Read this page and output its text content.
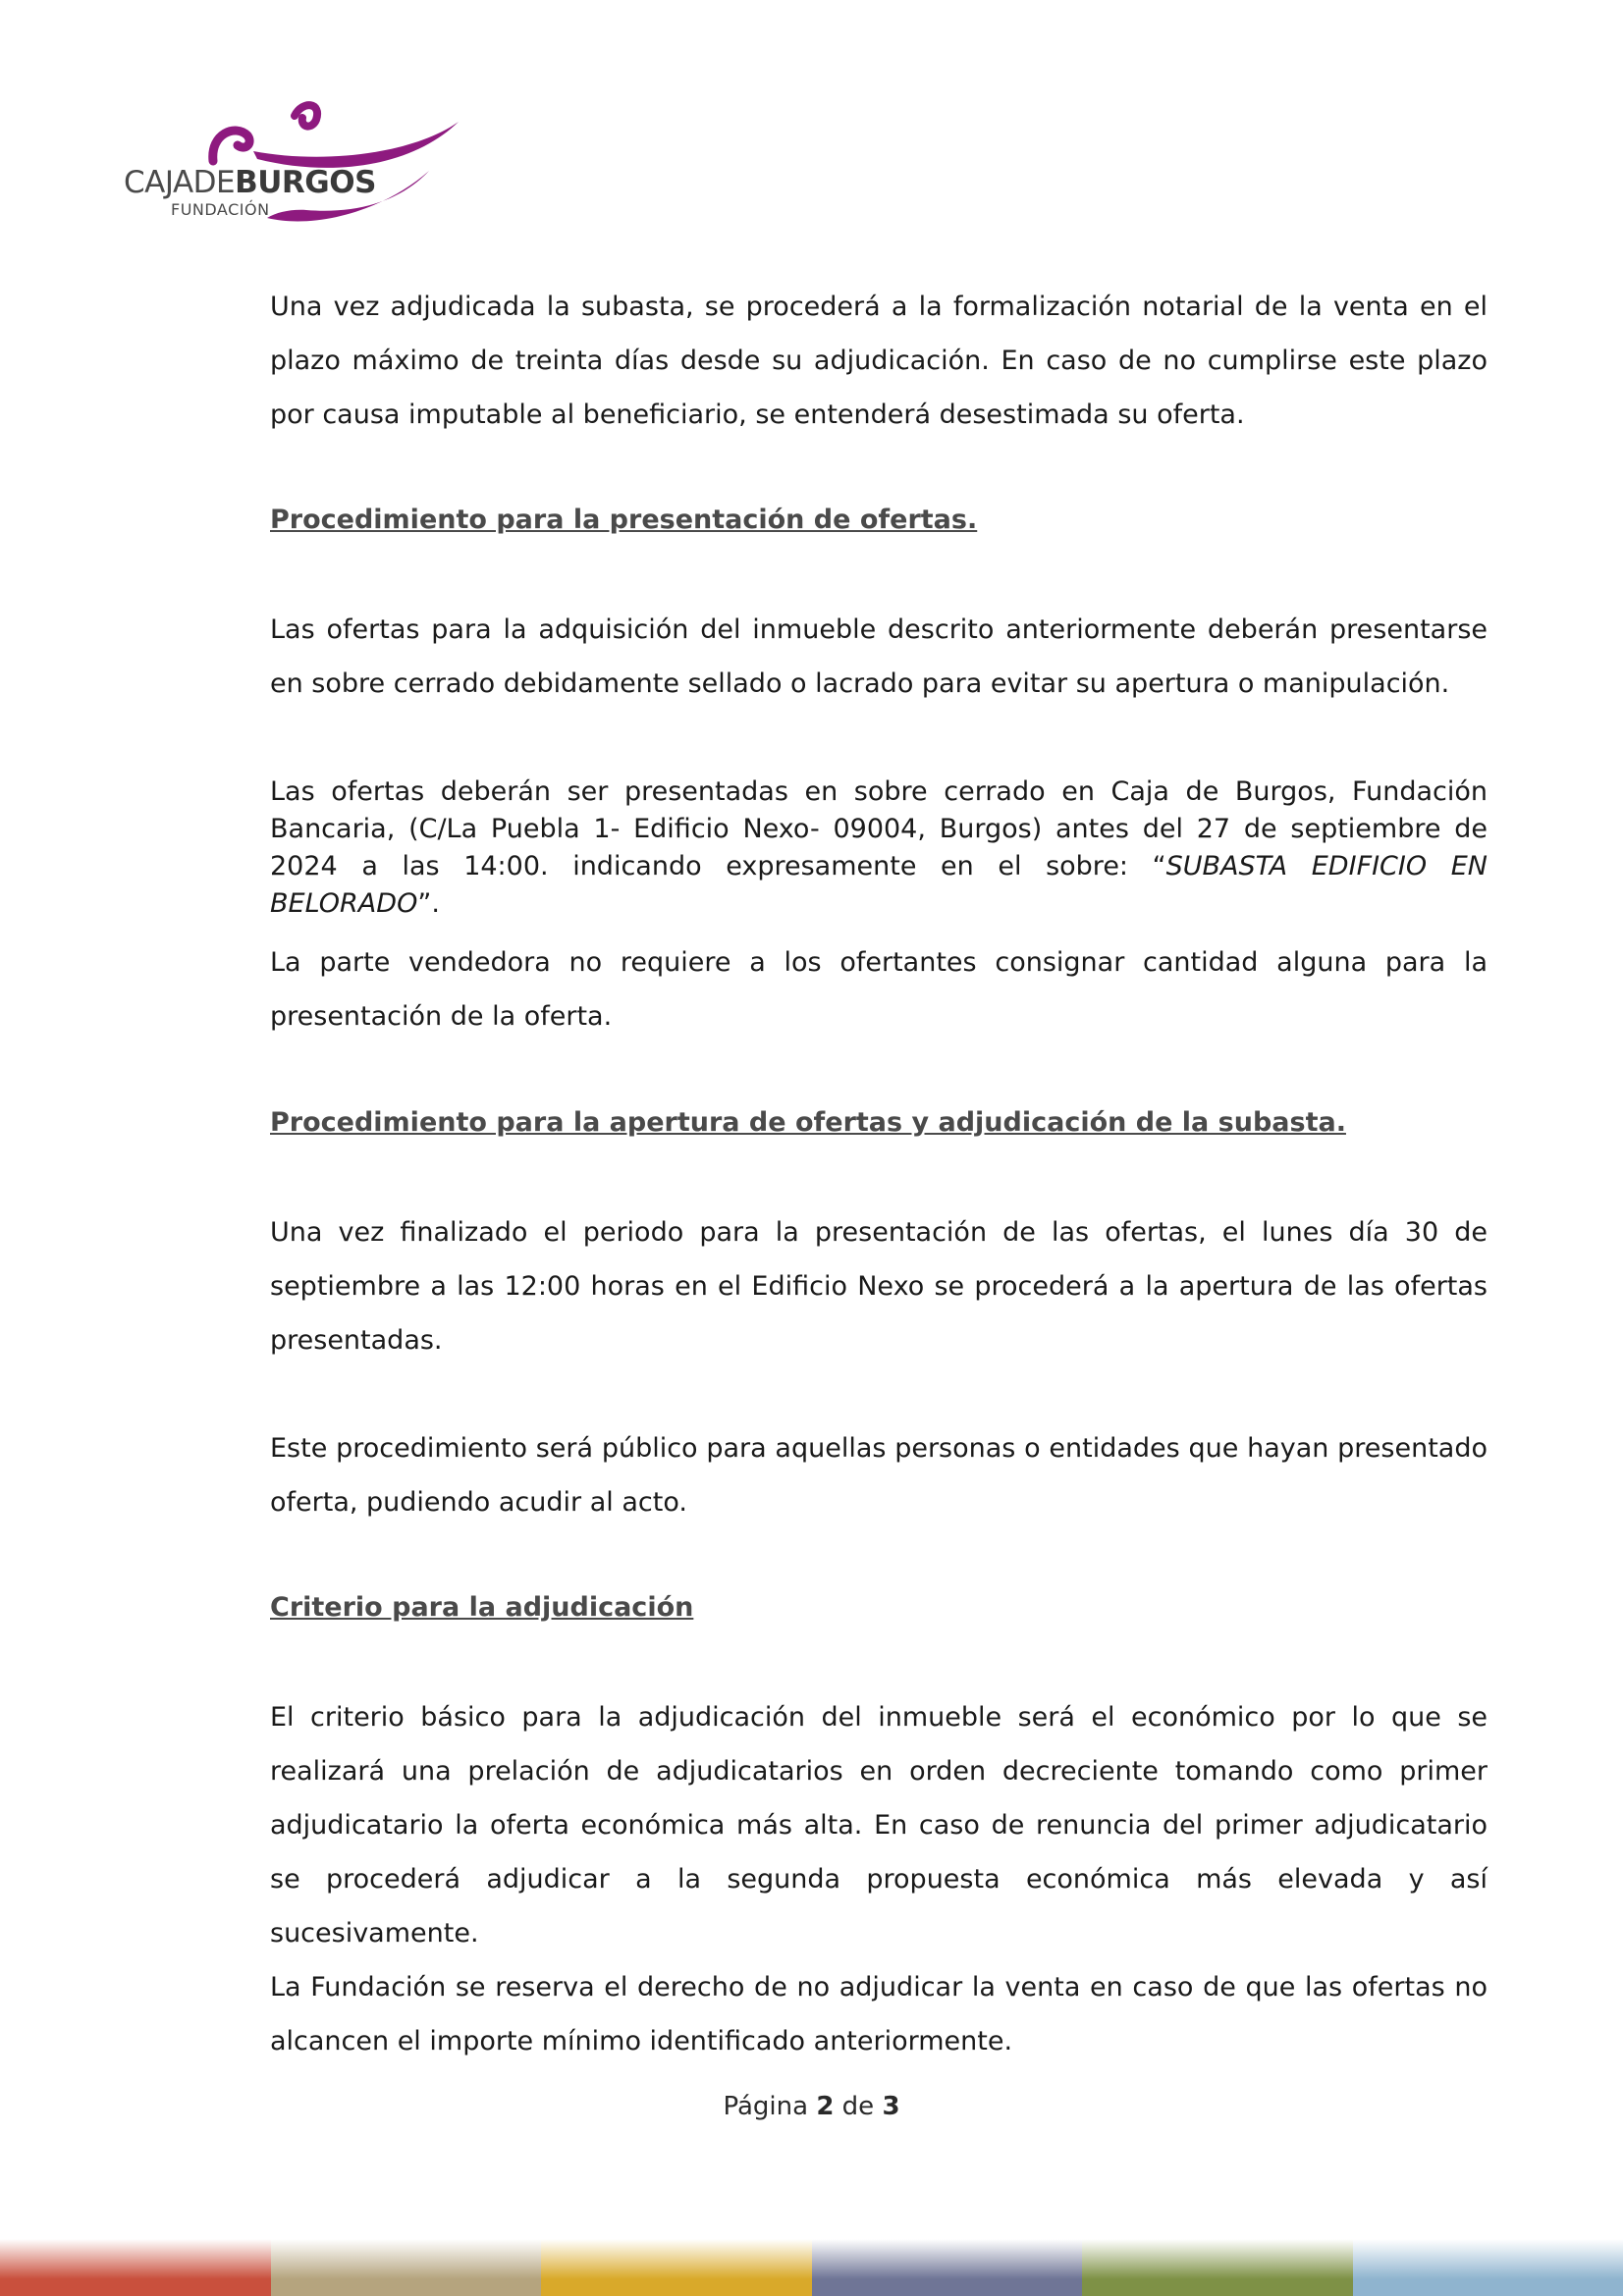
CAJADEBURGOS
FUNDACIÓN

Una vez adjudicada la subasta, se procederá a la formalización notarial de la venta en el plazo máximo de treinta días desde su adjudicación. En caso de no cumplirse este plazo por causa imputable al beneficiario, se entenderá desestimada su oferta.

Procedimiento para la presentación de ofertas.

Las ofertas para la adquisición del inmueble descrito anteriormente deberán presentarse en sobre cerrado debidamente sellado o lacrado para evitar su apertura o manipulación.

Las ofertas deberán ser presentadas en sobre cerrado en Caja de Burgos, Fundación Bancaria, (C/La Puebla 1- Edificio Nexo- 09004, Burgos) antes del 27 de septiembre de 2024 a las 14:00. indicando expresamente en el sobre: “SUBASTA EDIFICIO EN BELORADO”.

La parte vendedora no requiere a los ofertantes consignar cantidad alguna para la presentación de la oferta.

Procedimiento para la apertura de ofertas y adjudicación de la subasta.

Una vez finalizado el periodo para la presentación de las ofertas, el lunes día 30 de septiembre a las 12:00 horas en el Edificio Nexo se procederá a la apertura de las ofertas presentadas.

Este procedimiento será público para aquellas personas o entidades que hayan presentado oferta, pudiendo acudir al acto.

Criterio para la adjudicación

El criterio básico para la adjudicación del inmueble será el económico por lo que se realizará una prelación de adjudicatarios en orden decreciente tomando como primer adjudicatario la oferta económica más alta. En caso de renuncia del primer adjudicatario se procederá adjudicar a la segunda propuesta económica más elevada y así sucesivamente.

La Fundación se reserva el derecho de no adjudicar la venta en caso de que las ofertas no alcancen el importe mínimo identificado anteriormente.

Página 2 de 3
